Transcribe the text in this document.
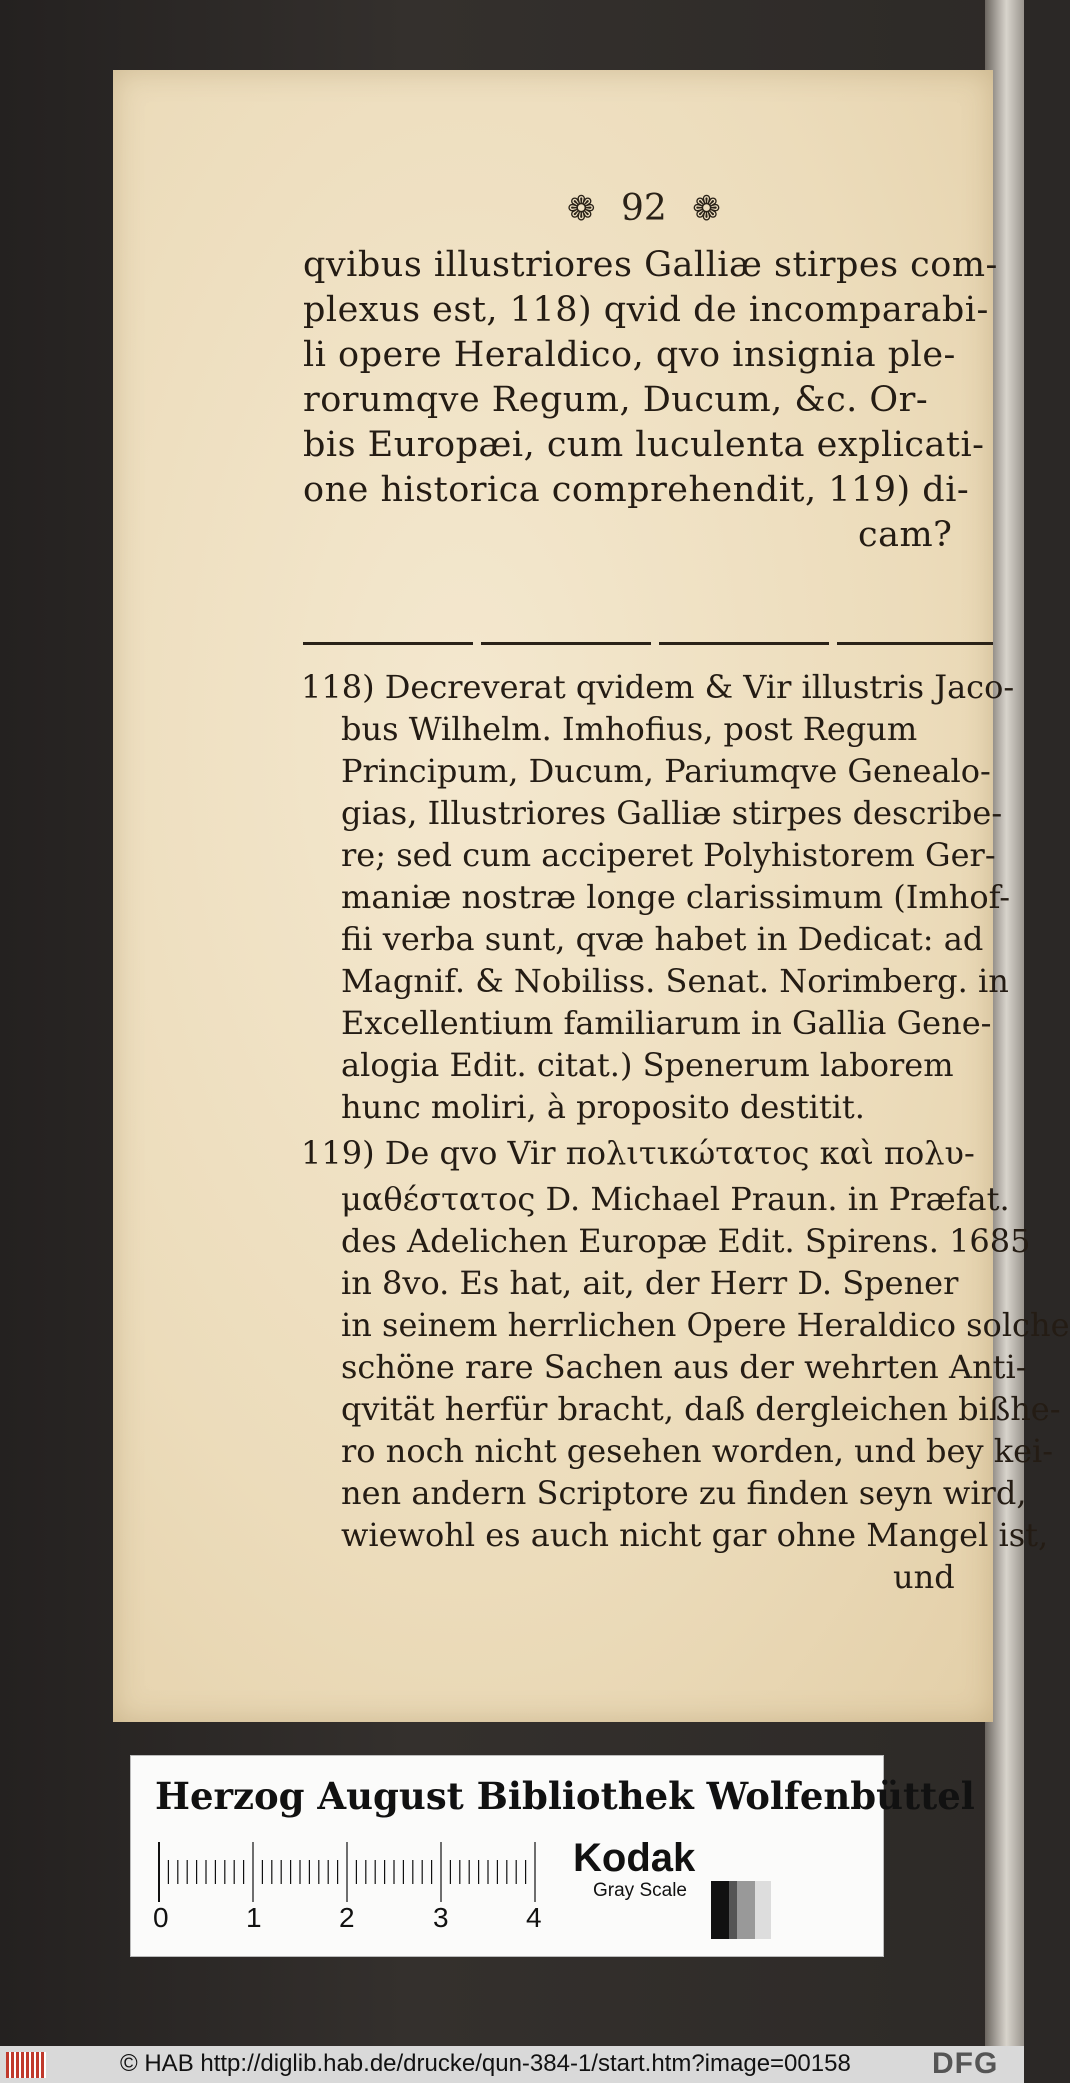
❁ 92 ❁
qvibus illustriores Galliæ stirpes com-
plexus est, 118) qvid de incomparabi-
li opere Heraldico, qvo insignia ple-
rorumqve Regum, Ducum, &c. Or-
bis Europæi, cum luculenta explicati-
one historica comprehendit, 119) di-
cam?
118) Decreverat qvidem & Vir illustris Jaco-
bus Wilhelm. Imhofius, post Regum
Principum, Ducum, Pariumqve Genealo-
gias, Illustriores Galliæ stirpes describe-
re; sed cum acciperet Polyhistorem Ger-
maniæ nostræ longe clarissimum (Imhof-
fii verba sunt, qvæ habet in Dedicat: ad
Magnif. & Nobiliss. Senat. Norimberg. in
Excellentium familiarum in Gallia Gene-
alogia Edit. citat.) Spenerum laborem
hunc moliri, à proposito destitit.
119) De qvo Vir πολιτικώτατος καὶ πολυ-
μαθέστατος D. Michael Praun. in Præfat.
des Adelichen Europæ Edit. Spirens. 1685
in 8vo. Es hat, ait, der Herr D. Spener
in seinem herrlichen Opere Heraldico solche
schöne rare Sachen aus der wehrten Anti-
qvität herfür bracht, daß dergleichen bißhe-
ro noch nicht gesehen worden, und bey kei-
nen andern Scriptore zu finden seyn wird,
wiewohl es auch nicht gar ohne Mangel ist,
und
Herzog August Bibliothek Wolfenbüttel
0	1	2	3	4
Kodak
Gray Scale
© HAB http://diglib.hab.de/drucke/qun-384-1/start.htm?image=00158	DFG
